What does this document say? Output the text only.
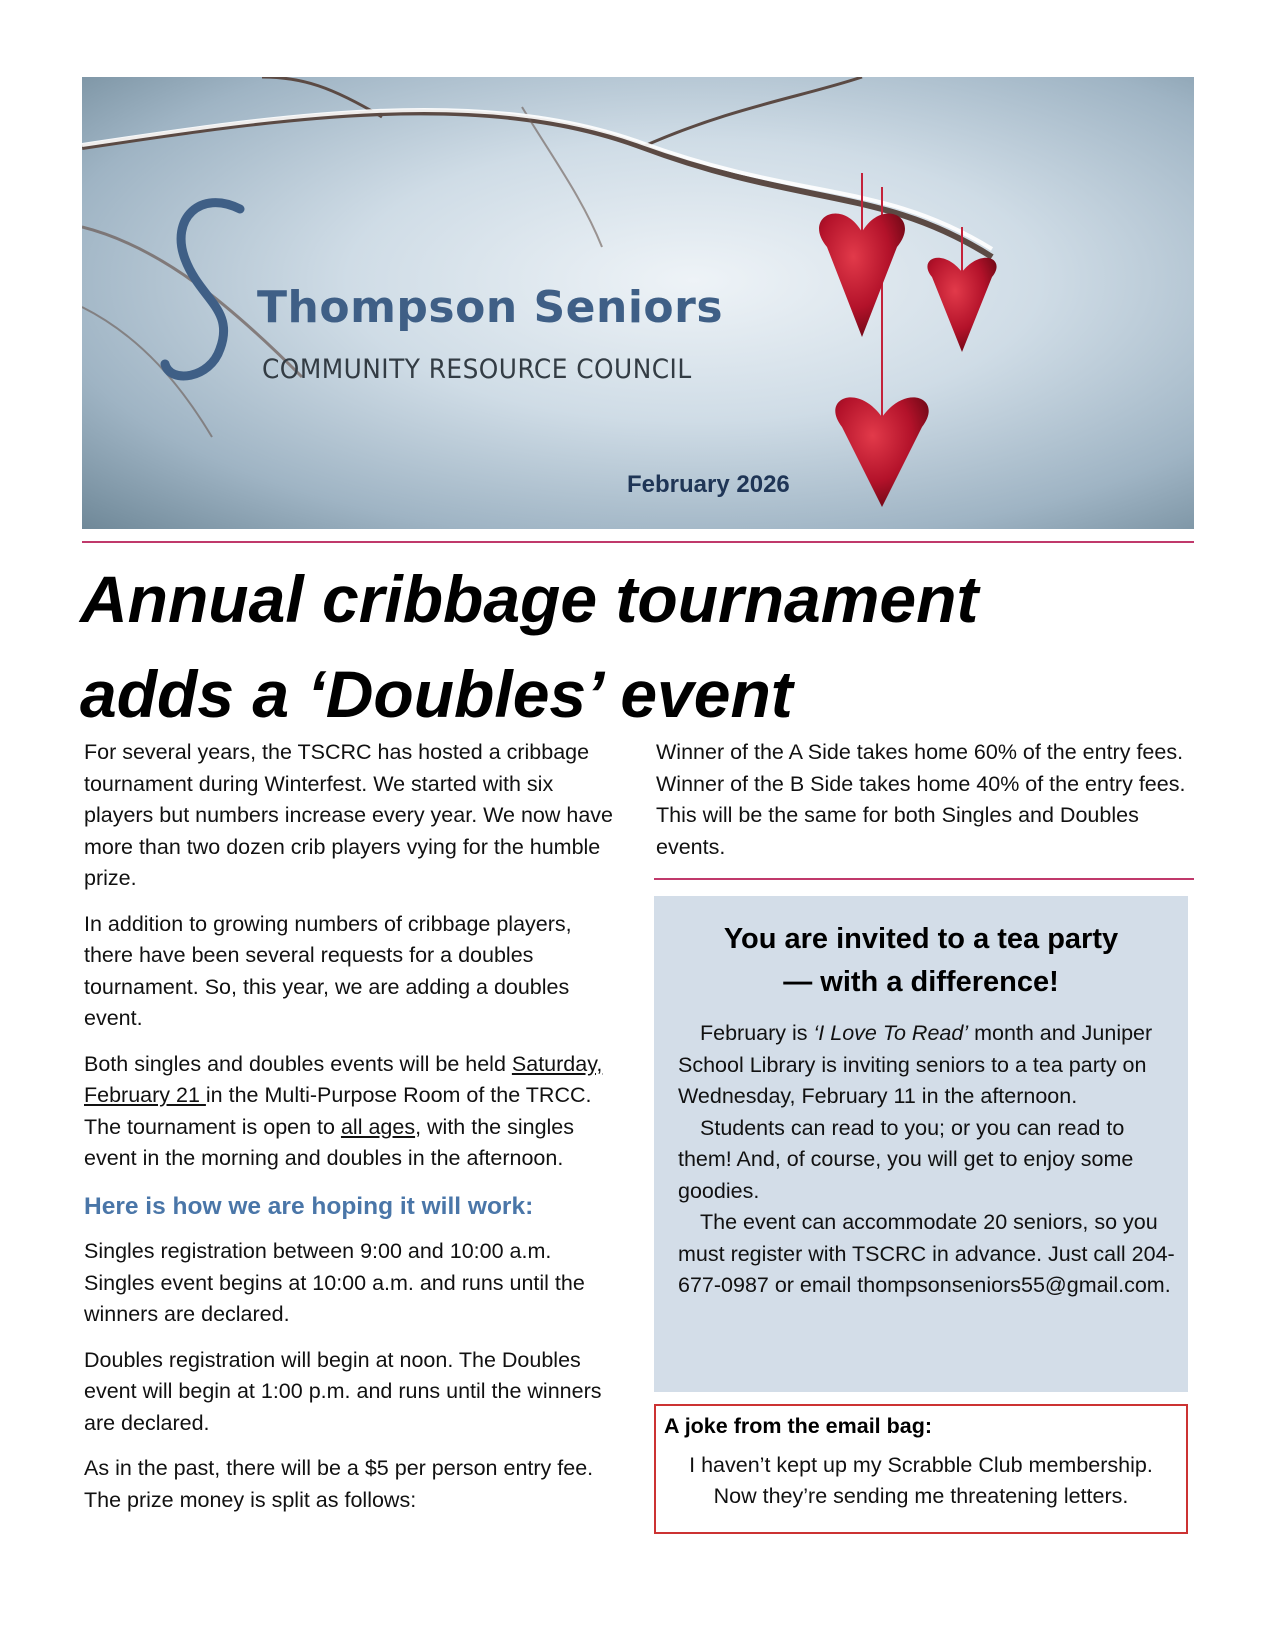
Thompson Seniors
COMMUNITY RESOURCE COUNCIL
February 2026
Annual cribbage tournament
adds a ‘Doubles’ event

For several years, the TSCRC has hosted a cribbage tournament during Winterfest. We started with six players but numbers increase every year. We now have more than two dozen crib players vying for the humble prize.

In addition to growing numbers of cribbage players, there have been several requests for a doubles tournament. So, this year, we are adding a doubles event.

Both singles and doubles events will be held Saturday, February 21 in the Multi-Purpose Room of the TRCC. The tournament is open to all ages, with the singles event in the morning and doubles in the afternoon.

Here is how we are hoping it will work:

Singles registration between 9:00 and 10:00 a.m. Singles event begins at 10:00 a.m. and runs until the winners are declared.

Doubles registration will begin at noon. The Doubles event will begin at 1:00 p.m. and runs until the winners are declared.

As in the past, there will be a $5 per person entry fee. The prize money is split as follows:

Winner of the A Side takes home 60% of the entry fees. Winner of the B Side takes home 40% of the entry fees. This will be the same for both Singles and Doubles events.

You are invited to a tea party
— with a difference!

February is ‘I Love To Read’ month and Juniper School Library is inviting seniors to a tea party on Wednesday, February 11 in the afternoon.

Students can read to you; or you can read to them! And, of course, you will get to enjoy some goodies.

The event can accommodate 20 seniors, so you must register with TSCRC in advance. Just call 204-677-0987 or email thompsonseniors55@gmail.com.

A joke from the email bag:
I haven’t kept up my Scrabble Club membership. Now they’re sending me threatening letters.
